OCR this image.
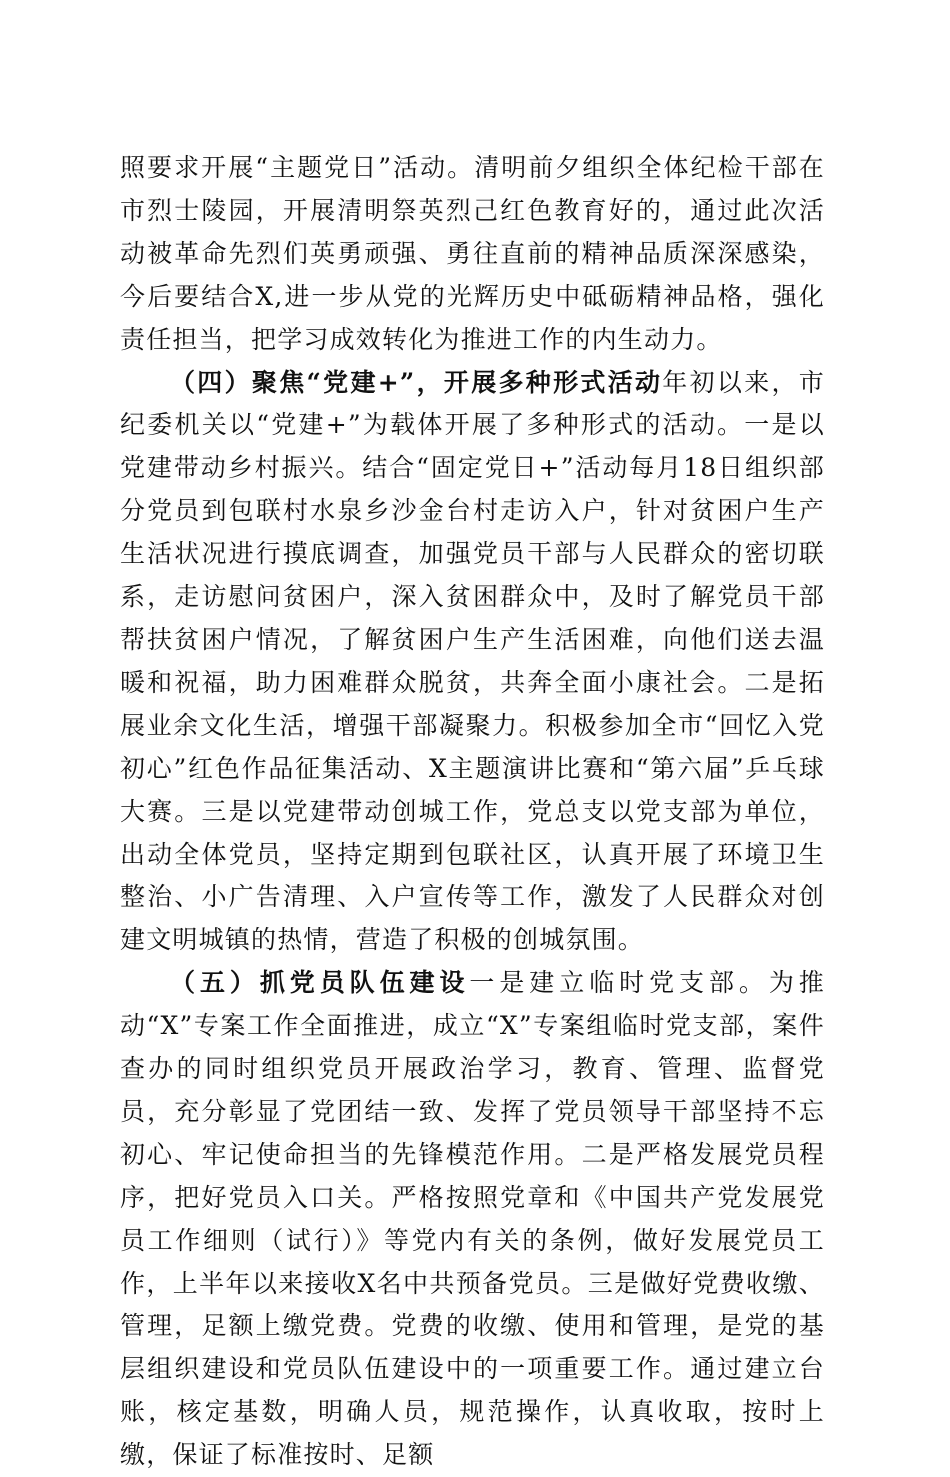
照要求开展“主题党日”活动。清明前夕组织全体纪检干部在市烈士陵园，开展清明祭英烈己红色教育好的，通过此次活动被革命先烈们英勇顽强、勇往直前的精神品质深深感染，今后要结合X,进一步从党的光辉历史中砥砺精神品格，强化责任担当，把学习成效转化为推进工作的内生动力。

（四）聚焦“党建+”，开展多种形式活动年初以来，市纪委机关以“党建+”为载体开展了多种形式的活动。一是以党建带动乡村振兴。结合“固定党日+”活动每月18日组织部分党员到包联村水泉乡沙金台村走访入户，针对贫困户生产生活状况进行摸底调查，加强党员干部与人民群众的密切联系，走访慰问贫困户，深入贫困群众中，及时了解党员干部帮扶贫困户情况，了解贫困户生产生活困难，向他们送去温暖和祝福，助力困难群众脱贫，共奔全面小康社会。二是拓展业余文化生活，增强干部凝聚力。积极参加全市“回忆入党初心”红色作品征集活动、X主题演讲比赛和“第六届”乒乓球大赛。三是以党建带动创城工作，党总支以党支部为单位，出动全体党员，坚持定期到包联社区，认真开展了环境卫生整治、小广告清理、入户宣传等工作，激发了人民群众对创建文明城镇的热情，营造了积极的创城氛围。

（五）抓党员队伍建设一是建立临时党支部。为推动“X”专案工作全面推进，成立“X”专案组临时党支部，案件查办的同时组织党员开展政治学习，教育、管理、监督党员，充分彰显了党团结一致、发挥了党员领导干部坚持不忘初心、牢记使命担当的先锋模范作用。二是严格发展党员程序，把好党员入口关。严格按照党章和《中国共产党发展党员工作细则（试行）》等党内有关的条例，做好发展党员工作，上半年以来接收X名中共预备党员。三是做好党费收缴、管理，足额上缴党费。党费的收缴、使用和管理，是党的基层组织建设和党员队伍建设中的一项重要工作。通过建立台账，核定基数，明确人员，规范操作，认真收取，按时上缴，保证了标准按时、足额
